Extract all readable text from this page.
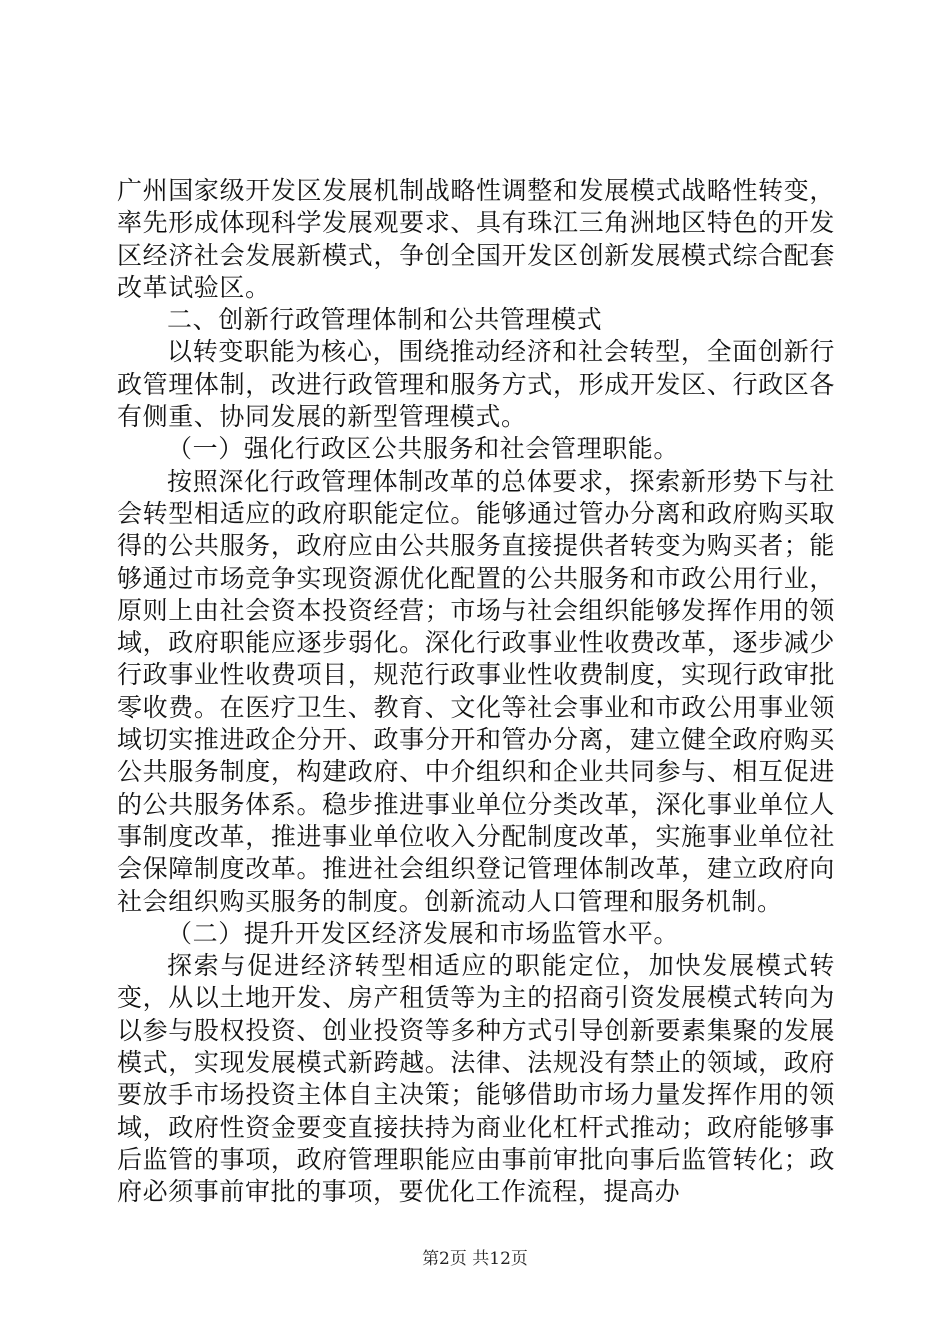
广州国家级开发区发展机制战略性调整和发展模式战略性转变，率先形成体现科学发展观要求、具有珠江三角洲地区特色的开发区经济社会发展新模式，争创全国开发区创新发展模式综合配套改革试验区。

二、创新行政管理体制和公共管理模式

以转变职能为核心，围绕推动经济和社会转型，全面创新行政管理体制，改进行政管理和服务方式，形成开发区、行政区各有侧重、协同发展的新型管理模式。

（一）强化行政区公共服务和社会管理职能。

按照深化行政管理体制改革的总体要求，探索新形势下与社会转型相适应的政府职能定位。能够通过管办分离和政府购买取得的公共服务，政府应由公共服务直接提供者转变为购买者；能够通过市场竞争实现资源优化配置的公共服务和市政公用行业，原则上由社会资本投资经营；市场与社会组织能够发挥作用的领域，政府职能应逐步弱化。深化行政事业性收费改革，逐步减少行政事业性收费项目，规范行政事业性收费制度，实现行政审批零收费。在医疗卫生、教育、文化等社会事业和市政公用事业领域切实推进政企分开、政事分开和管办分离，建立健全政府购买公共服务制度，构建政府、中介组织和企业共同参与、相互促进的公共服务体系。稳步推进事业单位分类改革，深化事业单位人事制度改革，推进事业单位收入分配制度改革，实施事业单位社会保障制度改革。推进社会组织登记管理体制改革，建立政府向社会组织购买服务的制度。创新流动人口管理和服务机制。

（二）提升开发区经济发展和市场监管水平。

探索与促进经济转型相适应的职能定位，加快发展模式转变，从以土地开发、房产租赁等为主的招商引资发展模式转向为以参与股权投资、创业投资等多种方式引导创新要素集聚的发展模式，实现发展模式新跨越。法律、法规没有禁止的领域，政府要放手市场投资主体自主决策；能够借助市场力量发挥作用的领域，政府性资金要变直接扶持为商业化杠杆式推动；政府能够事后监管的事项，政府管理职能应由事前审批向事后监管转化；政府必须事前审批的事项，要优化工作流程，提高办

第2页 共12页
